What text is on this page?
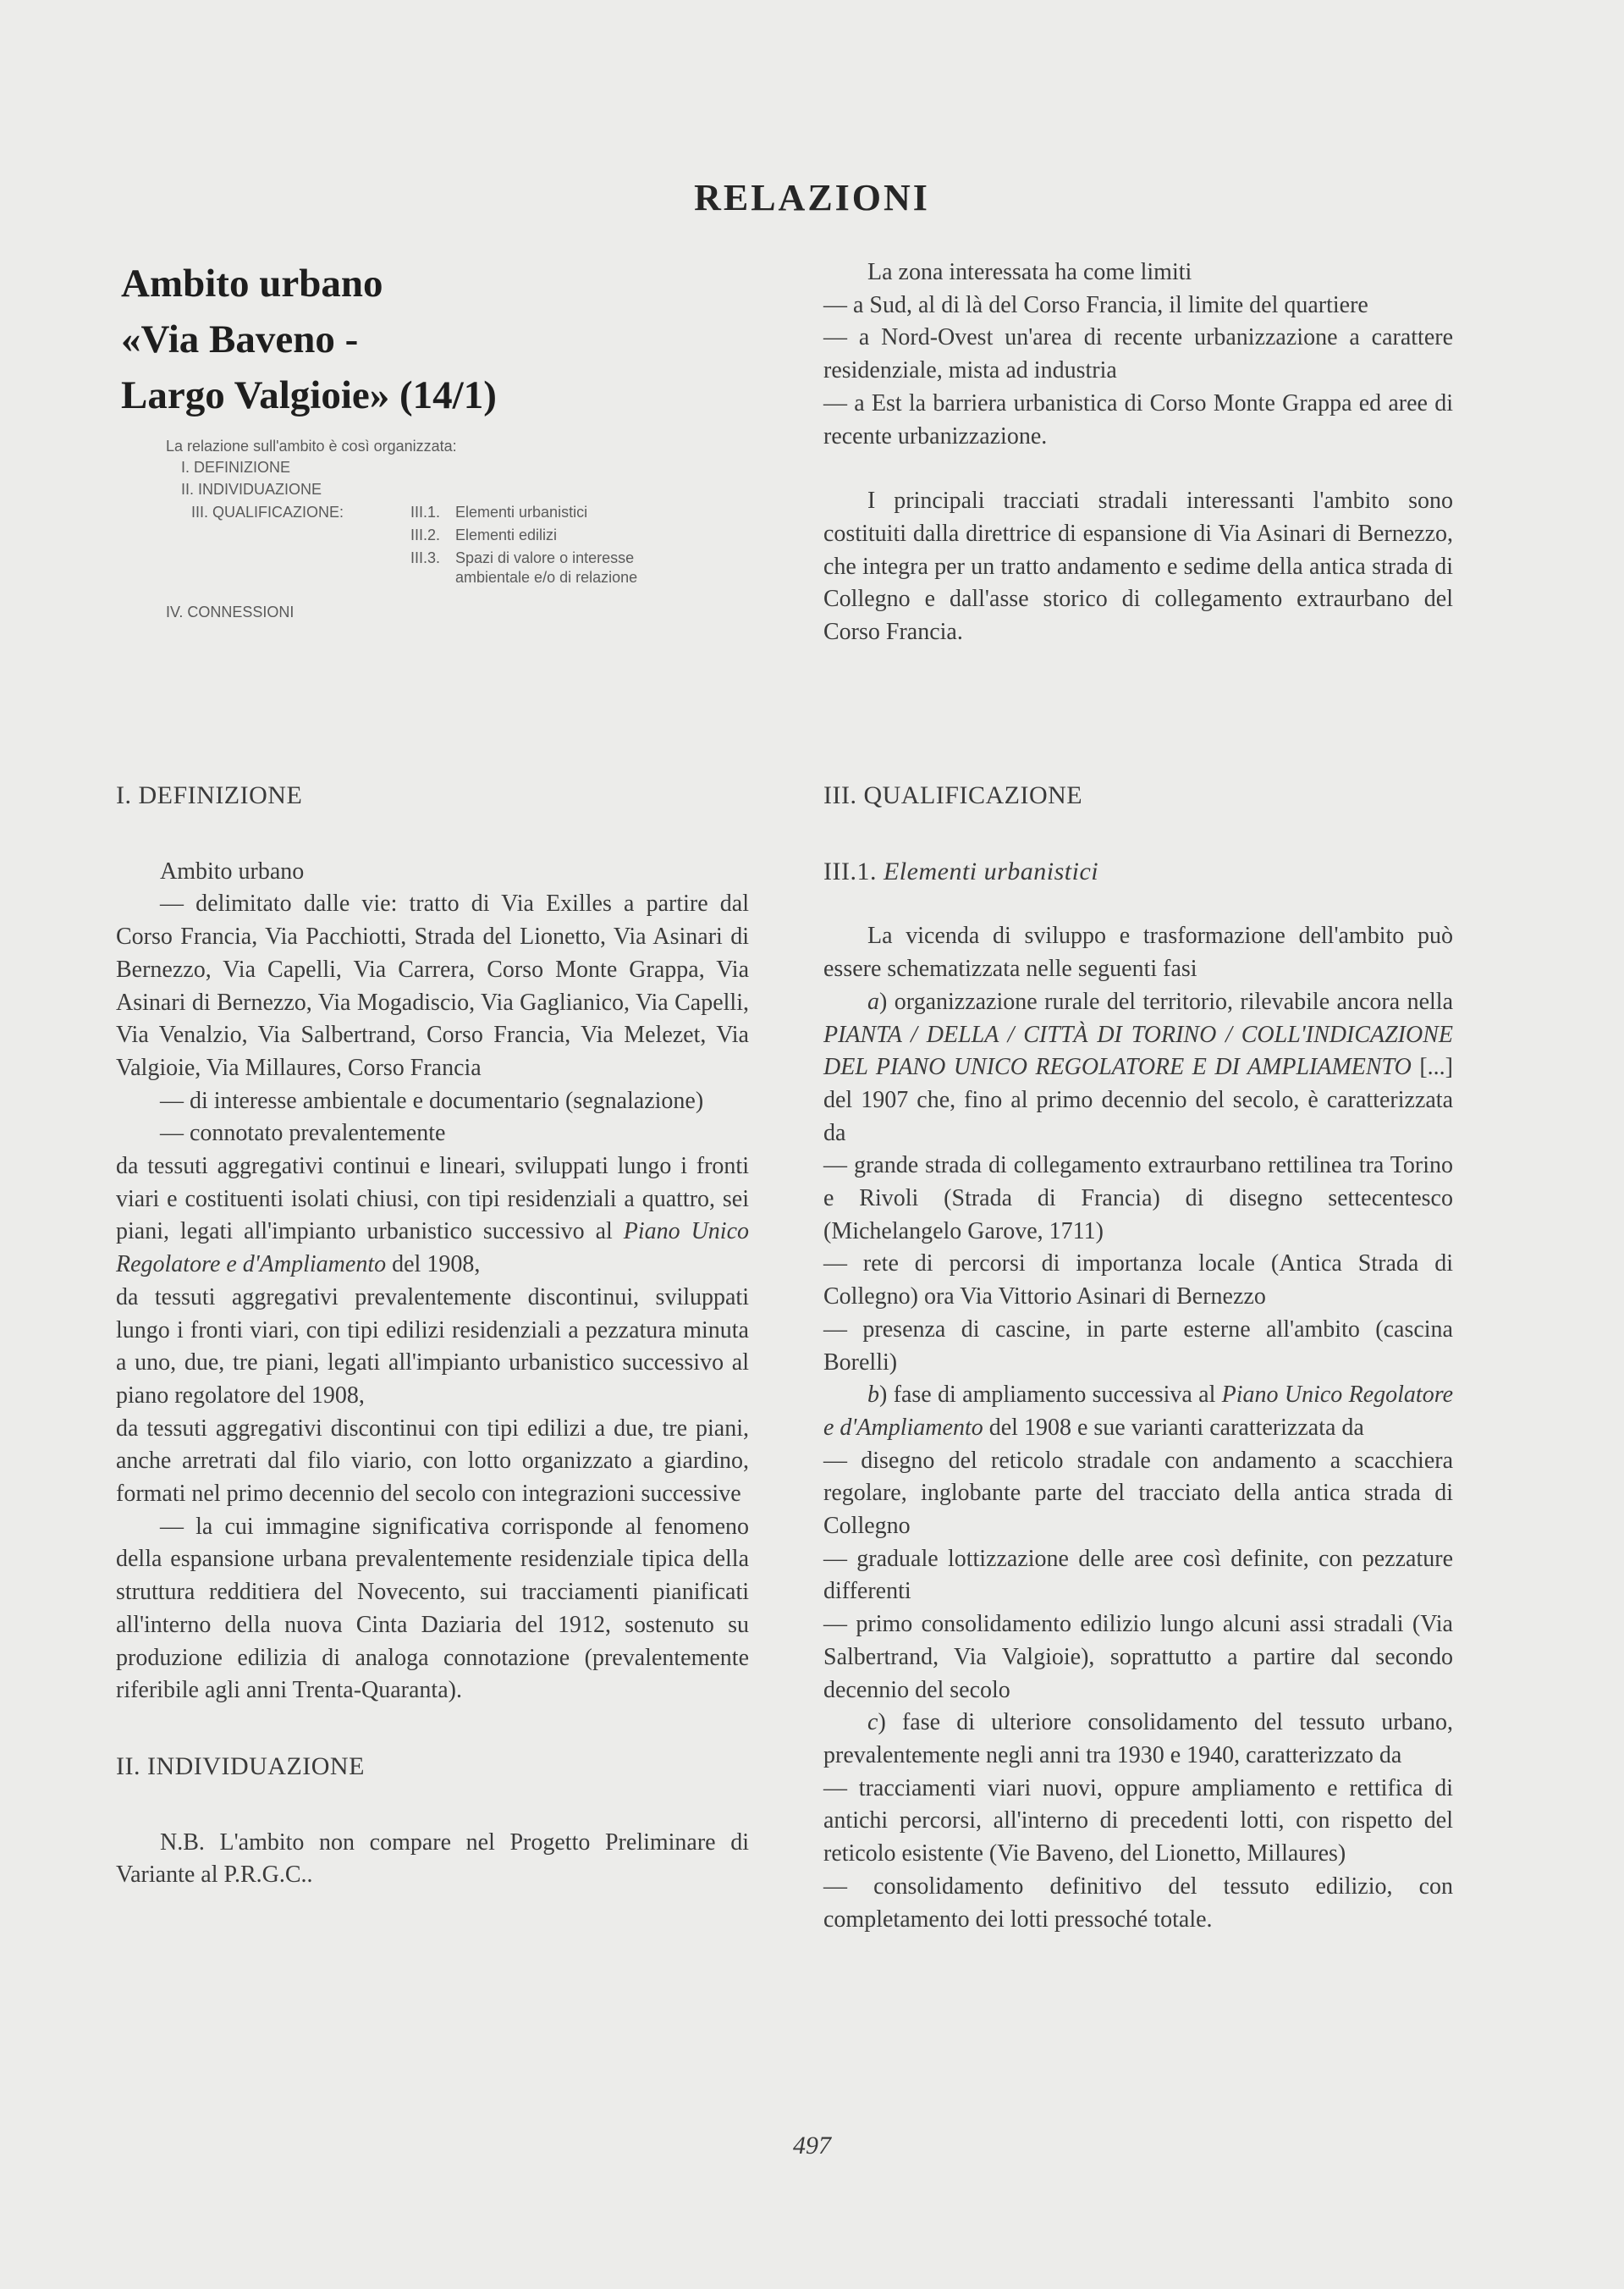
RELAZIONI
Ambito urbano
«Via Baveno -
Largo Valgioie» (14/1)
La relazione sull'ambito è così organizzata:
I. DEFINIZIONE
II. INDIVIDUAZIONE
III. QUALIFICAZIONE:
IV. CONNESSIONI
III.1. Elementi urbanistici
III.2. Elementi edilizi
III.3. Spazi di valore o interesse ambientale e/o di relazione

La zona interessata ha come limiti

— a Sud, al di là del Corso Francia, il limite del quartiere

— a Nord-Ovest un'area di recente urbanizzazione a carattere residenziale, mista ad industria

— a Est la barriera urbanistica di Corso Monte Grappa ed aree di recente urbanizzazione.

I principali tracciati stradali interessanti l'ambito sono costituiti dalla direttrice di espansione di Via Asinari di Bernezzo, che integra per un tratto andamento e sedime della antica strada di Collegno e dall'asse storico di collegamento extraurbano del Corso Francia.

I. DEFINIZIONE

Ambito urbano

— delimitato dalle vie: tratto di Via Exilles a partire dal Corso Francia, Via Pacchiotti, Strada del Lionetto, Via Asinari di Bernezzo, Via Capelli, Via Carrera, Corso Monte Grappa, Via Asinari di Bernezzo, Via Mogadiscio, Via Gaglianico, Via Capelli, Via Venalzio, Via Salbertrand, Corso Francia, Via Melezet, Via Valgioie, Via Millaures, Corso Francia

— di interesse ambientale e documentario (segnalazione)

— connotato prevalentemente

da tessuti aggregativi continui e lineari, sviluppati lungo i fronti viari e costituenti isolati chiusi, con tipi residenziali a quattro, sei piani, legati all'impianto urbanistico successivo al Piano Unico Regolatore e d'Ampliamento del 1908,

da tessuti aggregativi prevalentemente discontinui, sviluppati lungo i fronti viari, con tipi edilizi residenziali a pezzatura minuta a uno, due, tre piani, legati all'impianto urbanistico successivo al piano regolatore del 1908,

da tessuti aggregativi discontinui con tipi edilizi a due, tre piani, anche arretrati dal filo viario, con lotto organizzato a giardino, formati nel primo decennio del secolo con integrazioni successive

— la cui immagine significativa corrisponde al fenomeno della espansione urbana prevalentemente residenziale tipica della struttura redditiera del Novecento, sui tracciamenti pianificati all'interno della nuova Cinta Daziaria del 1912, sostenuto su produzione edilizia di analoga connotazione (prevalentemente riferibile agli anni Trenta-Quaranta).

II. INDIVIDUAZIONE

N.B. L'ambito non compare nel Progetto Preliminare di Variante al P.R.G.C..

III. QUALIFICAZIONE
III.1. Elementi urbanistici

La vicenda di sviluppo e trasformazione dell'ambito può essere schematizzata nelle seguenti fasi

a) organizzazione rurale del territorio, rilevabile ancora nella PIANTA / DELLA / CITTÀ DI TORINO / COLL'INDICAZIONE DEL PIANO UNICO REGOLATORE E DI AMPLIAMENTO [...] del 1907 che, fino al primo decennio del secolo, è caratterizzata da

— grande strada di collegamento extraurbano rettilinea tra Torino e Rivoli (Strada di Francia) di disegno settecentesco (Michelangelo Garove, 1711)

— rete di percorsi di importanza locale (Antica Strada di Collegno) ora Via Vittorio Asinari di Bernezzo

— presenza di cascine, in parte esterne all'ambito (cascina Borelli)

b) fase di ampliamento successiva al Piano Unico Regolatore e d'Ampliamento del 1908 e sue varianti caratterizzata da

— disegno del reticolo stradale con andamento a scacchiera regolare, inglobante parte del tracciato della antica strada di Collegno

— graduale lottizzazione delle aree così definite, con pezzature differenti

— primo consolidamento edilizio lungo alcuni assi stradali (Via Salbertrand, Via Valgioie), soprattutto a partire dal secondo decennio del secolo

c) fase di ulteriore consolidamento del tessuto urbano, prevalentemente negli anni tra 1930 e 1940, caratterizzato da

— tracciamenti viari nuovi, oppure ampliamento e rettifica di antichi percorsi, all'interno di precedenti lotti, con rispetto del reticolo esistente (Vie Baveno, del Lionetto, Millaures)

— consolidamento definitivo del tessuto edilizio, con completamento dei lotti pressoché totale.

497
